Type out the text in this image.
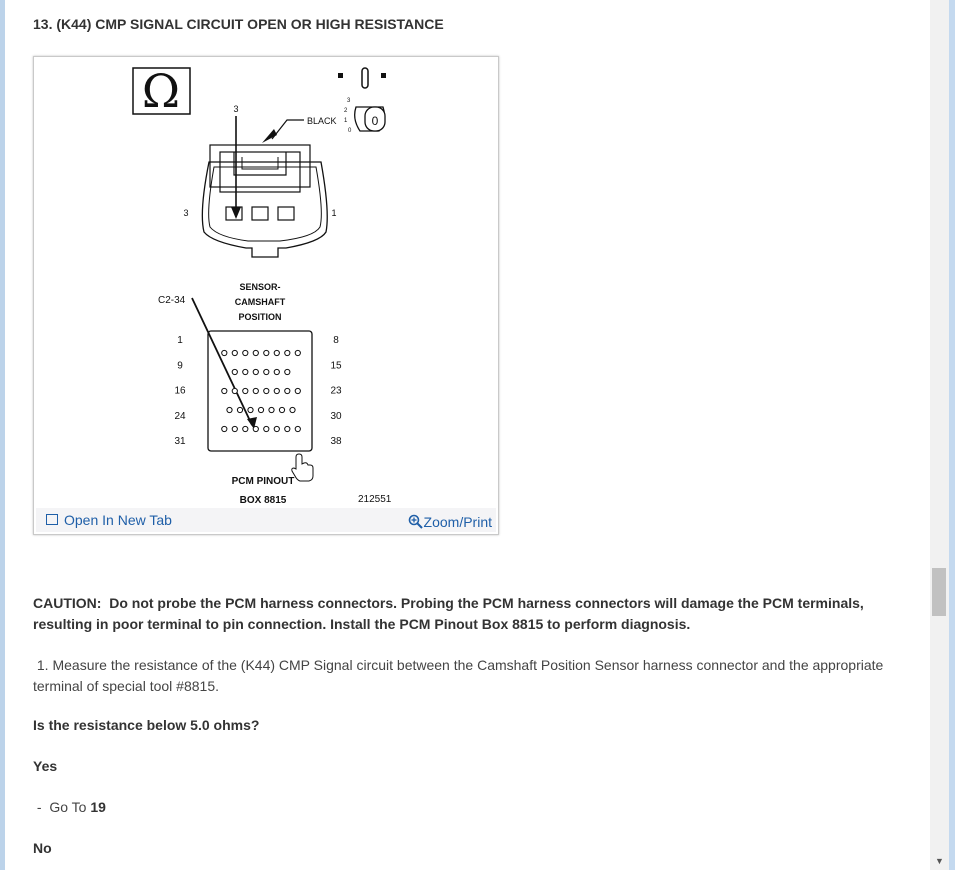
13. (K44) CMP SIGNAL CIRCUIT OPEN OR HIGH RESISTANCE
Ω	3
2
1
0
0
3
BLACK
3	1
SENSOR-
CAMSHAFT
POSITION
C2-34
1
9
16
24
31
8
15
23
30
38
PCM PINOUT
BOX 8815	212551
Open In New Tab	Zoom/Print
CAUTION: Do not probe the PCM harness connectors. Probing the PCM harness connectors will damage the PCM terminals, resulting in poor terminal to pin connection. Install the PCM Pinout Box 8815 to perform diagnosis.
1. Measure the resistance of the (K44) CMP Signal circuit between the Camshaft Position Sensor harness connector and the appropriate terminal of special tool #8815.
Is the resistance below 5.0 ohms?
Yes
-  Go To 19
No
▼
